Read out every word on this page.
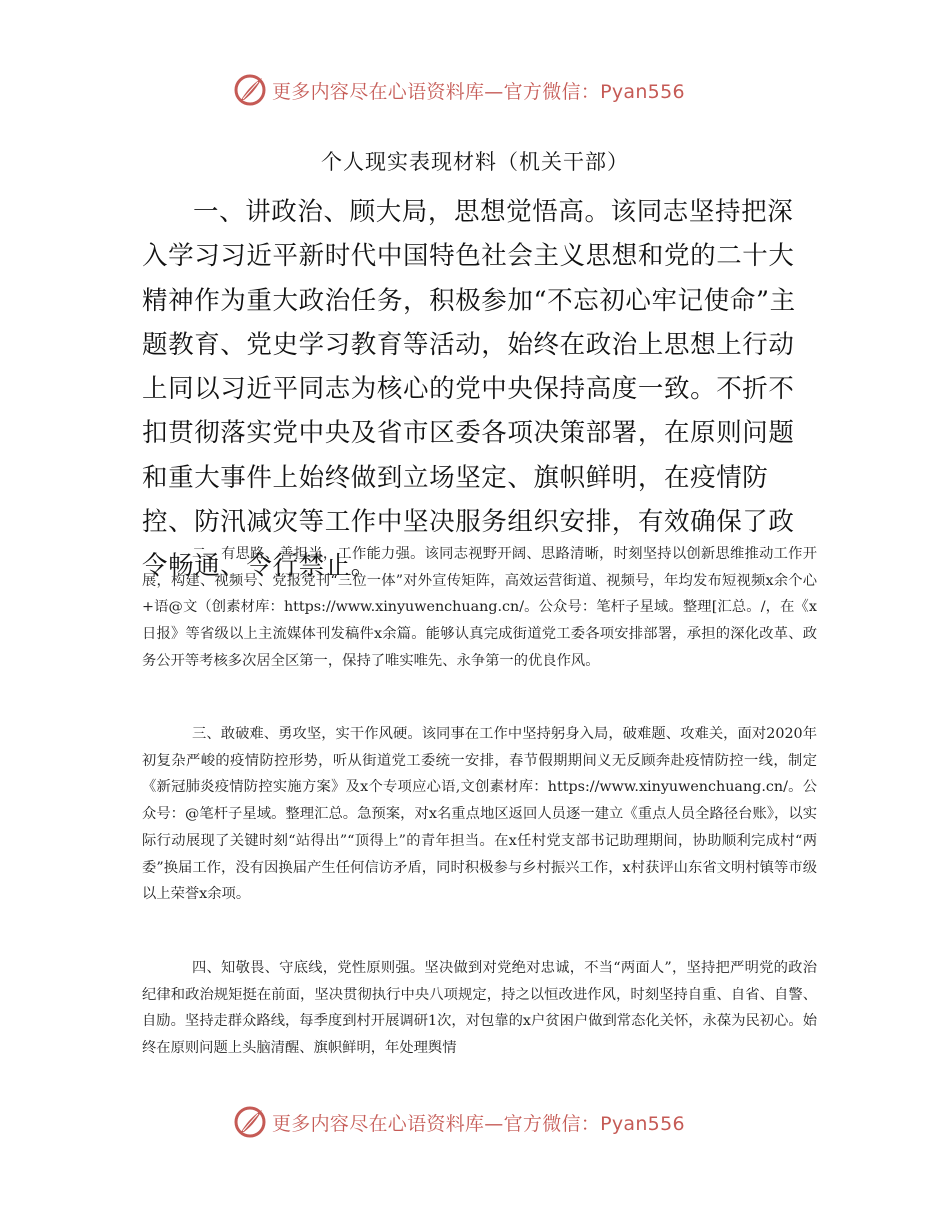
更多内容尽在心语资料库—官方微信：Pyan556
个人现实表现材料（机关干部）

一、讲政治、顾大局，思想觉悟高。该同志坚持把深入学习习近平新时代中国特色社会主义思想和党的二十大精神作为重大政治任务，积极参加“不忘初心牢记使命”主题教育、党史学习教育等活动，始终在政治上思想上行动上同以习近平同志为核心的党中央保持高度一致。不折不扣贯彻落实党中央及省市区委各项决策部署，在原则问题和重大事件上始终做到立场坚定、旗帜鲜明，在疫情防控、防汛减灾等工作中坚决服务组织安排，有效确保了政令畅通、令行禁止。

二、有思路、善担当，工作能力强。该同志视野开阔、思路清晰，时刻坚持以创新思维推动工作开展，构建、视频号、党报党刊“三位一体”对外宣传矩阵，高效运营街道、视频号，年均发布短视频x余个心+语@文（创素材库：https://www.xinyuwenchuang.cn/。公众号：笔杆子星域。整理[汇总。/，在《x日报》等省级以上主流媒体刊发稿件x余篇。能够认真完成街道党工委各项安排部署，承担的深化改革、政务公开等考核多次居全区第一，保持了唯实唯先、永争第一的优良作风。

三、敢破难、勇攻坚，实干作风硬。该同事在工作中坚持躬身入局，破难题、攻难关，面对2020年初复杂严峻的疫情防控形势，听从街道党工委统一安排，春节假期期间义无反顾奔赴疫情防控一线，制定《新冠肺炎疫情防控实施方案》及x个专项应心语,文创素材库：https://www.xinyuwenchuang.cn/。公众号：@笔杆子星域。整理汇总。急预案，对x名重点地区返回人员逐一建立《重点人员全路径台账》，以实际行动展现了关键时刻“站得出”“顶得上”的青年担当。在x任村党支部书记助理期间，协助顺利完成村“两委”换届工作，没有因换届产生任何信访矛盾，同时积极参与乡村振兴工作，x村获评山东省文明村镇等市级以上荣誉x余项。

四、知敬畏、守底线，党性原则强。坚决做到对党绝对忠诚，不当“两面人”，坚持把严明党的政治纪律和政治规矩挺在前面，坚决贯彻执行中央八项规定，持之以恒改进作风，时刻坚持自重、自省、自警、自励。坚持走群众路线，每季度到村开展调研1次，对包靠的x户贫困户做到常态化关怀，永葆为民初心。始终在原则问题上头脑清醒、旗帜鲜明，年处理舆情

更多内容尽在心语资料库—官方微信：Pyan556
